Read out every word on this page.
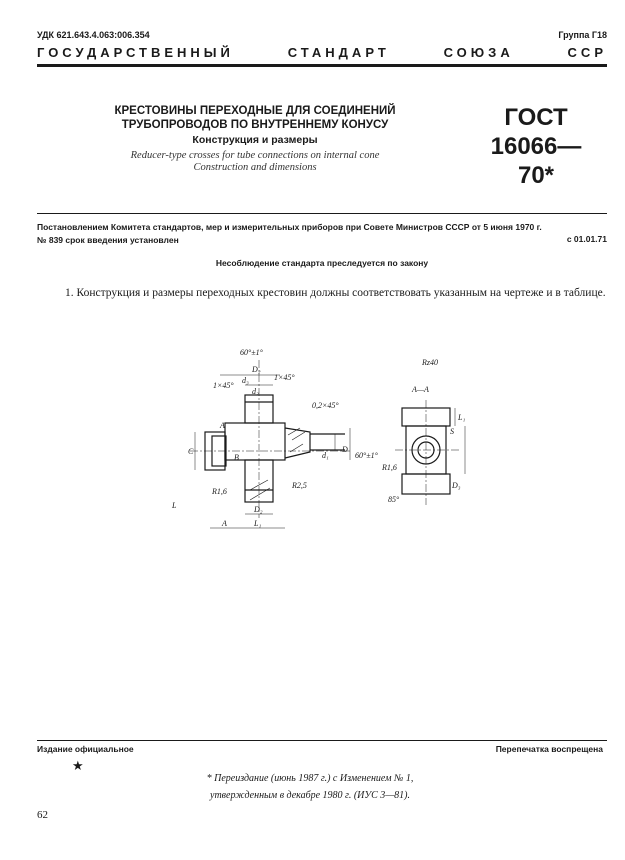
УДК 621.643.4.063:006.354	Группа Г18
ГОСУДАРСТВЕННЫЙ	СТАНДАРТ	СОЮЗА	ССР
КРЕСТОВИНЫ ПЕРЕХОДНЫЕ ДЛЯ СОЕДИНЕНИЙ
ТРУБОПРОВОДОВ ПО ВНУТРЕННЕМУ КОНУСУ
Конструкция и размеры
Reducer-type crosses for tube connections on internal cone
Construction and dimensions
ГОСТ
16066—70*
Постановлением Комитета стандартов, мер и измерительных приборов при Совете Министров СССР от 5 июня 1970 г.
№ 839 срок введения установлен	с 01.01.71
Несоблюдение стандарта преследуется по закону
1. Конструкция и размеры переходных крестовин должны соответствовать указанным на чертеже и в таблице.
60°±1°
D₂
d₃
d₂
1×45°
1×45°
0,2×45°
A
C
B
R1,6
R2,5
d₁
D
60°±1°
D₂
L
L₁
A
Rz40
А—А
S
L₁
R1,6
D₃
85°
Издание официальное	Перепечатка воспрещена
★
* Переиздание (июнь 1987 г.) с Изменением № 1,
утвержденным в декабре 1980 г. (ИУС 3—81).
62
